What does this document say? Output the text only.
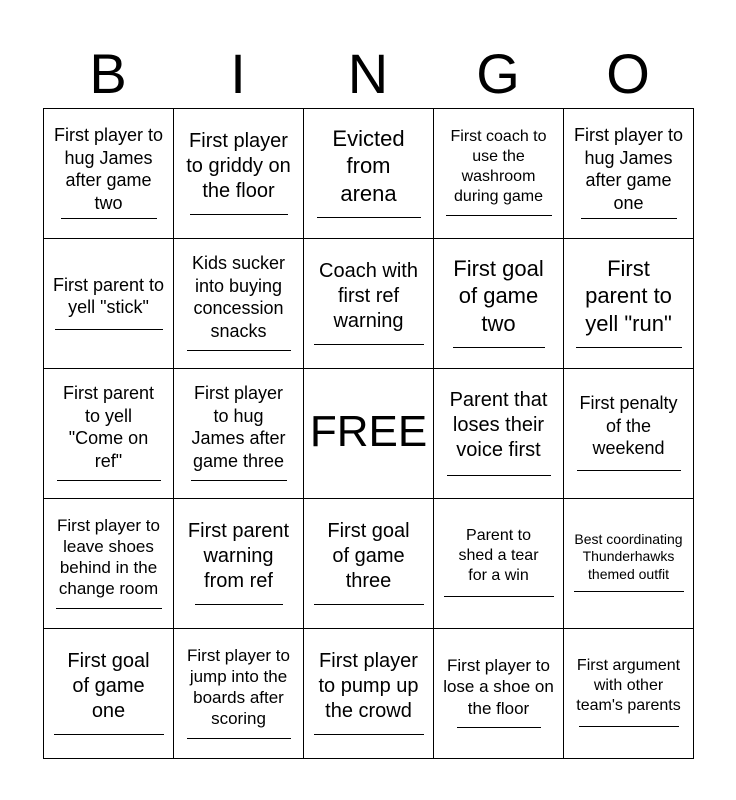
B	I	N	G	O
First player to hug James after game two
First player to griddy on the floor
Evicted from arena
First coach to use the washroom during game
First player to hug James after game one
First parent to yell "stick"
Kids sucker into buying concession snacks
Coach with first ref warning
First goal of game two
First parent to yell "run"
First parent to yell "Come on ref"
First player to hug James after game three
FREE
Parent that loses their voice first
First penalty of the weekend
First player to leave shoes behind in the change room
First parent warning from ref
First goal of game three
Parent to shed a tear for a win
Best coordinating Thunderhawks themed outfit
First goal of game one
First player to jump into the boards after scoring
First player to pump up the crowd
First player to lose a shoe on the floor
First argument with other team's parents
